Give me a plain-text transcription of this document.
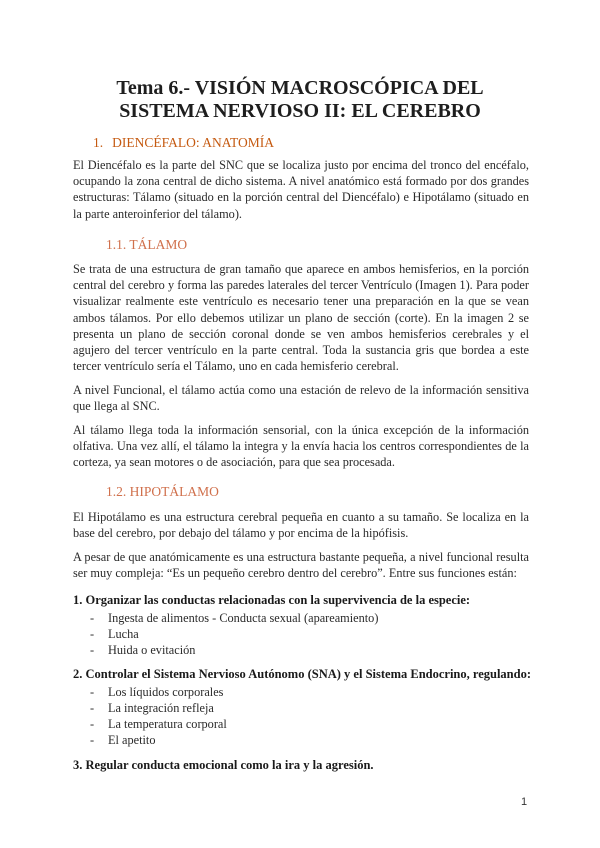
Tema 6.- VISIÓN MACROSCÓPICA DEL
SISTEMA NERVIOSO II: EL CEREBRO
1. DIENCÉFALO: ANATOMÍA
El Diencéfalo es la parte del SNC que se localiza justo por encima del tronco del encéfalo, ocupando la zona central de dicho sistema. A nivel anatómico está formado por dos grandes estructuras: Tálamo (situado en la porción central del Diencéfalo) e Hipotálamo (situado en la parte anteroinferior del tálamo).
1.1. TÁLAMO
Se trata de una estructura de gran tamaño que aparece en ambos hemisferios, en la porción central del cerebro y forma las paredes laterales del tercer Ventrículo (Imagen 1). Para poder visualizar realmente este ventrículo es necesario tener una preparación en la que se vean ambos tálamos. Por ello debemos utilizar un plano de sección (corte). En la imagen 2 se presenta un plano de sección coronal donde se ven ambos hemisferios cerebrales y el agujero del tercer ventrículo en la parte central. Toda la sustancia gris que bordea a este tercer ventrículo sería el Tálamo, uno en cada hemisferio cerebral.
A nivel Funcional, el tálamo actúa como una estación de relevo de la información sensitiva que llega al SNC.
Al tálamo llega toda la información sensorial, con la única excepción de la información olfativa. Una vez allí, el tálamo la integra y la envía hacia los centros correspondientes de la corteza, ya sean motores o de asociación, para que sea procesada.
1.2. HIPOTÁLAMO
El Hipotálamo es una estructura cerebral pequeña en cuanto a su tamaño. Se localiza en la base del cerebro, por debajo del tálamo y por encima de la hipófisis.
A pesar de que anatómicamente es una estructura bastante pequeña, a nivel funcional resulta ser muy compleja: “Es un pequeño cerebro dentro del cerebro”. Entre sus funciones están:
1. Organizar las conductas relacionadas con la supervivencia de la especie:
- Ingesta de alimentos - Conducta sexual (apareamiento)
- Lucha
- Huida o evitación
2. Controlar el Sistema Nervioso Autónomo (SNA) y el Sistema Endocrino, regulando:
- Los líquidos corporales
- La integración refleja
- La temperatura corporal
- El apetito
3. Regular conducta emocional como la ira y la agresión.
1
